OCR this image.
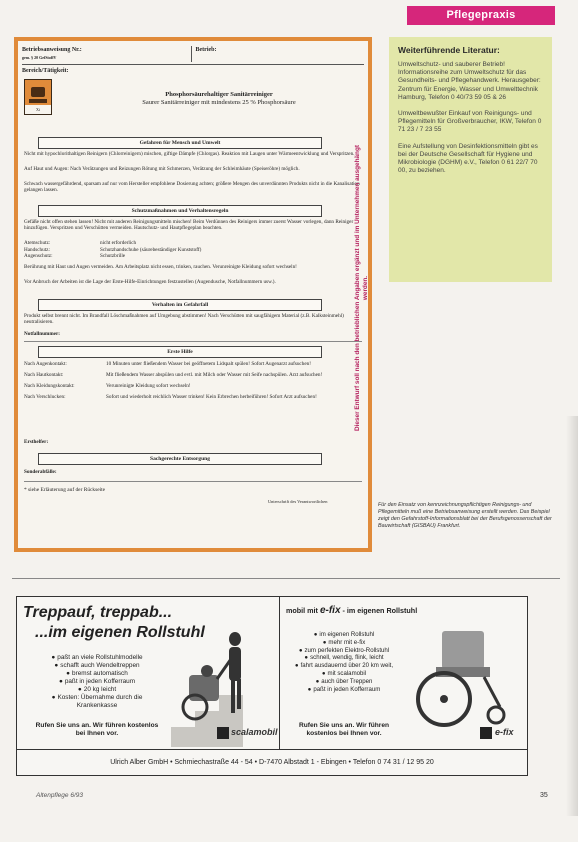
Pflegepraxis
Betriebsanweisung Nr.:
gem. § 20 GefStoffV
Betrieb:
Bereich/Tätigkeit:
Xi
Phosphorsäurehaltiger Sanitärreiniger
Saurer Sanitärreiniger mit mindestens 25 % Phosphorsäure
Gefahren für Mensch und Umwelt
Nicht mit hypochlorithaltigen Reinigern (Chlorreinigern) mischen, giftige Dämpfe (Chlorgas). Reaktion mit Laugen unter Wärmeentwicklung und Verspritzen.
Auf Haut und Augen: Nach Verätzungen und Reizungen Rötung mit Schmerzen, Verätzung der Schleimhäute (Speiseröhre) möglich.
Schwach wassergefährdend, sparsam auf nur vom Hersteller empfohlene Dosierung achten; größere Mengen des unverdünnten Produkts nicht in die Kanalisation gelangen lassen.
Schutzmaßnahmen und Verhaltensregeln
Gefäße nicht offen stehen lassen! Nicht mit anderen Reinigungsmitteln mischen! Beim Verdünnen des Reinigers immer zuerst Wasser vorlegen, dann Reiniger hinzufügen. Verspritzen und Verschütten vermeiden. Hautschutz- und Hautpflegeplan beachten.
Atemschutz:	nicht erforderlich
Handschutz:	Schutzhandschuhe (säurebeständiger Kunststoff)
Augenschutz:	Schutzbrille
Berührung mit Haut und Augen vermeiden. Am Arbeitsplatz nicht essen, trinken, rauchen. Verunreinigte Kleidung sofort wechseln!
Vor Anbruch der Arbeiten ist die Lage der Erste-Hilfe-Einrichtungen festzustellen (Augendusche, Notfallnummern usw.).
Verhalten im Gefahrfall
Produkt selbst brennt nicht. Im Brandfall Löschmaßnahmen auf Umgebung abstimmen! Nach Verschütten mit saugfähigem Material (z.B. Kalksteinmehl) neutralisieren.
Notfallnummer:
Erste Hilfe
Nach Augenkontakt:	10 Minuten unter fließendem Wasser bei geöffnetem Lidspalt spülen! Sofort Augenarzt aufsuchen!
Nach Hautkontakt:	Mit fließendem Wasser abspülen und evtl. mit Milch oder Wasser mit Seife nachspülen. Arzt aufsuchen!
Nach Kleidungskontakt:	Verunreinigte Kleidung sofort wechseln!
Nach Verschlucken:	Sofort und wiederholt reichlich Wasser trinken! Kein Erbrechen herbeiführen! Sofort Arzt aufsuchen!
Ersthelfer:
Sachgerechte Entsorgung
Sonderabfälle:
* siehe Erläuterung auf der Rückseite
Unterschrift des Verantwortlichen
Dieser Entwurf soll nach den betrieblichen Angaben ergänzt und im Unternehmen ausgehängt werden.
Weiterführende Literatur:

Umweltschutz- und sauberer Betrieb! Informationsreihe zum Umweltschutz für das Gesundheits- und Pflegehandwerk. Herausgeber: Zentrum für Energie, Wasser und Umwelttechnik Hamburg, Telefon 0 40/73 59 05 & 26

Umweltbewußter Einkauf von Reinigungs- und Pflegemitteln für Großverbraucher, IKW, Telefon 0 71 23 / 7 23 55

Eine Aufstellung von Desinfektionsmitteln gibt es bei der Deutsche Gesellschaft für Hygiene und Mikrobiologie (DGHM) e.V., Telefon 0 61 22/7 70 00, zu beziehen.

Für den Einsatz von kennzeichnungspflichtigen Reinigungs- und Pflegemitteln muß eine Betriebsanweisung erstellt werden. Das Beispiel zeigt den Gefahrstoff-Informationsblatt bei der Berufsgenossenschaft der Bauwirtschaft (GISBAU) Frankfurt.
Treppauf, treppab...
...im eigenen Rollstuhl
● paßt an viele Rollstuhlmodelle
● schafft auch Wendeltreppen
● bremst automatisch
● paßt in jeden Kofferraum
● 20 kg leicht
● Kosten: Übernahme durch die Krankenkasse
Rufen Sie uns an. Wir führen kostenlos bei Ihnen vor.	scalamobil
mobil mit e-fix - im eigenen Rollstuhl
● im eigenen Rollstuhl
● mehr mit e-fix
● zum perfekten Elektro-Rollstuhl
● schnell, wendig, flink, leicht
● fahrt ausdauernd über 20 km weit,
● mit scalamobil
● auch über Treppen
● paßt in jeden Kofferraum
Rufen Sie uns an. Wir führen kostenlos bei Ihnen vor.	e-fix
Ulrich Alber GmbH • Schmiechastraße 44 - 54 • D-7470 Albstadt 1 - Ebingen • Telefon 0 74 31 / 12 95 20
Altenpflege 6/93	35
